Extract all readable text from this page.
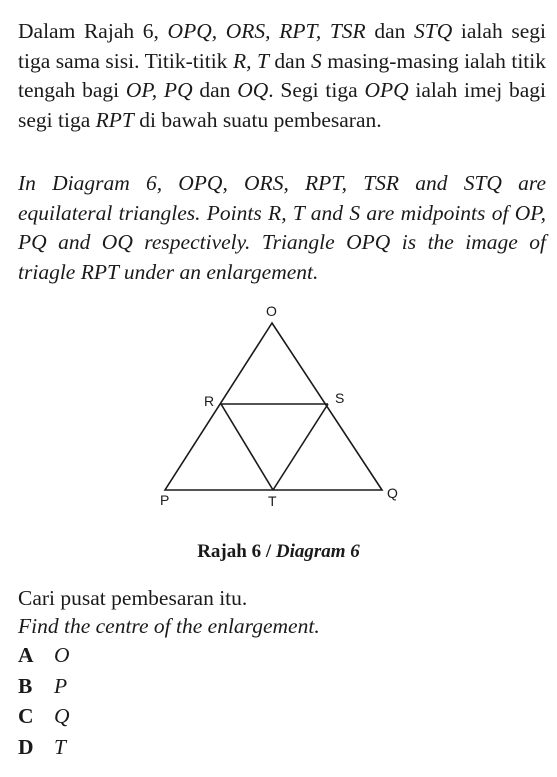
Dalam Rajah 6, OPQ, ORS, RPT, TSR dan STQ ialah segi tiga sama sisi. Titik-titik R, T dan S masing-masing ialah titik tengah bagi OP, PQ dan OQ. Segi tiga OPQ ialah imej bagi segi tiga RPT di bawah suatu pembesaran.

In Diagram 6, OPQ, ORS, RPT, TSR and STQ are equilateral triangles. Points R, T and S are midpoints of OP, PQ and OQ respectively. Triangle OPQ is the image of triagle RPT under an enlargement.

O
R	S
P	T	Q
Rajah 6 / Diagram 6

Cari pusat pembesaran itu.

Find the centre of the enlargement.

A O
B	P
C Q
D T
